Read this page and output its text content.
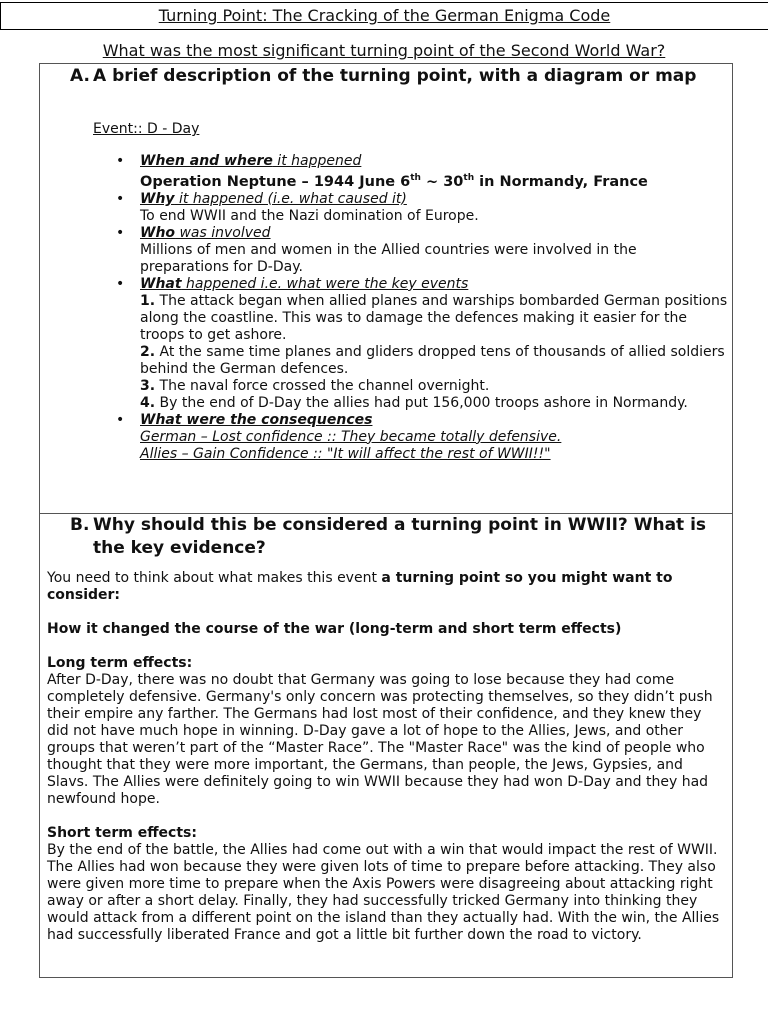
Turning Point: The Cracking of the German Enigma Code
What was the most significant turning point of the Second World War?
A. A brief description of the turning point, with a diagram or map
Event:: D - Day
• When and where it happened
Operation Neptune – 1944 June 6th ~ 30th in Normandy, France
• Why it happened (i.e. what caused it)
To end WWII and the Nazi domination of Europe.
• Who was involved
Millions of men and women in the Allied countries were involved in the preparations for D-Day.
• What happened i.e. what were the key events

1. The attack began when allied planes and warships bombarded German positions along the coastline. This was to damage the defences making it easier for the troops to get ashore.

2. At the same time planes and gliders dropped tens of thousands of allied soldiers behind the German defences.

3. The naval force crossed the channel overnight.

4. By the end of D-Day the allies had put 156,000 troops ashore in Normandy.

• What were the consequences
German – Lost confidence :: They became totally defensive.
Allies – Gain Confidence :: "It will affect the rest of WWII!!"
B. Why should this be considered a turning point in WWII? What is the key evidence?

You need to think about what makes this event a turning point so you might want to consider:

How it changed the course of the war (long-term and short term effects)

Long term effects:

After D-Day, there was no doubt that Germany was going to lose because they had come completely defensive. Germany's only concern was protecting themselves, so they didn’t push their empire any farther. The Germans had lost most of their confidence, and they knew they did not have much hope in winning. D-Day gave a lot of hope to the Allies, Jews, and other groups that weren’t part of the “Master Race”. The "Master Race" was the kind of people who thought that they were more important, the Germans, than people, the Jews, Gypsies, and Slavs. The Allies were definitely going to win WWII because they had won D-Day and they had newfound hope.

Short term effects:

By the end of the battle, the Allies had come out with a win that would impact the rest of WWII. The Allies had won because they were given lots of time to prepare before attacking. They also were given more time to prepare when the Axis Powers were disagreeing about attacking right away or after a short delay. Finally, they had successfully tricked Germany into thinking they would attack from a different point on the island than they actually had. With the win, the Allies had successfully liberated France and got a little bit further down the road to victory.
